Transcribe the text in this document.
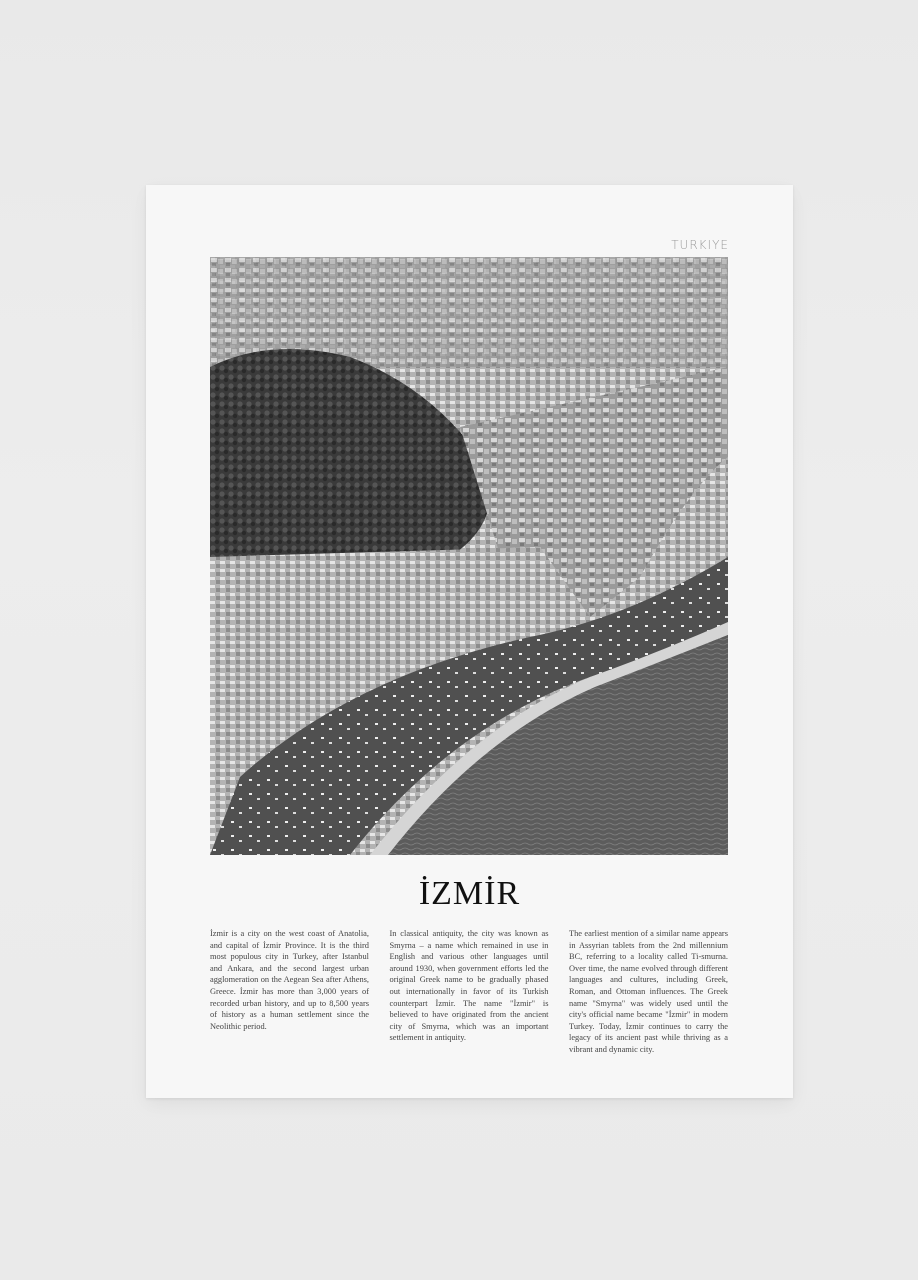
TURKIYE
İZMİR
İzmir is a city on the west coast of Anatolia, and capital of İzmir Province. It is the third most populous city in Turkey, after Istanbul and Ankara, and the second largest urban agglomeration on the Aegean Sea after Athens, Greece. İzmir has more than 3,000 years of recorded urban history, and up to 8,500 years of history as a human settlement since the Neolithic period.
In classical antiquity, the city was known as Smyrna – a name which remained in use in English and various other languages until around 1930, when government efforts led the original Greek name to be gradually phased out internationally in favor of its Turkish counterpart İzmir. The name "İzmir" is believed to have originated from the ancient city of Smyrna, which was an important settlement in antiquity.
The earliest mention of a similar name appears in Assyrian tablets from the 2nd millennium BC, referring to a locality called Ti-smurna. Over time, the name evolved through different languages and cultures, including Greek, Roman, and Ottoman influences. The Greek name "Smyrna" was widely used until the city's official name became "İzmir" in modern Turkey. Today, İzmir continues to carry the legacy of its ancient past while thriving as a vibrant and dynamic city.
